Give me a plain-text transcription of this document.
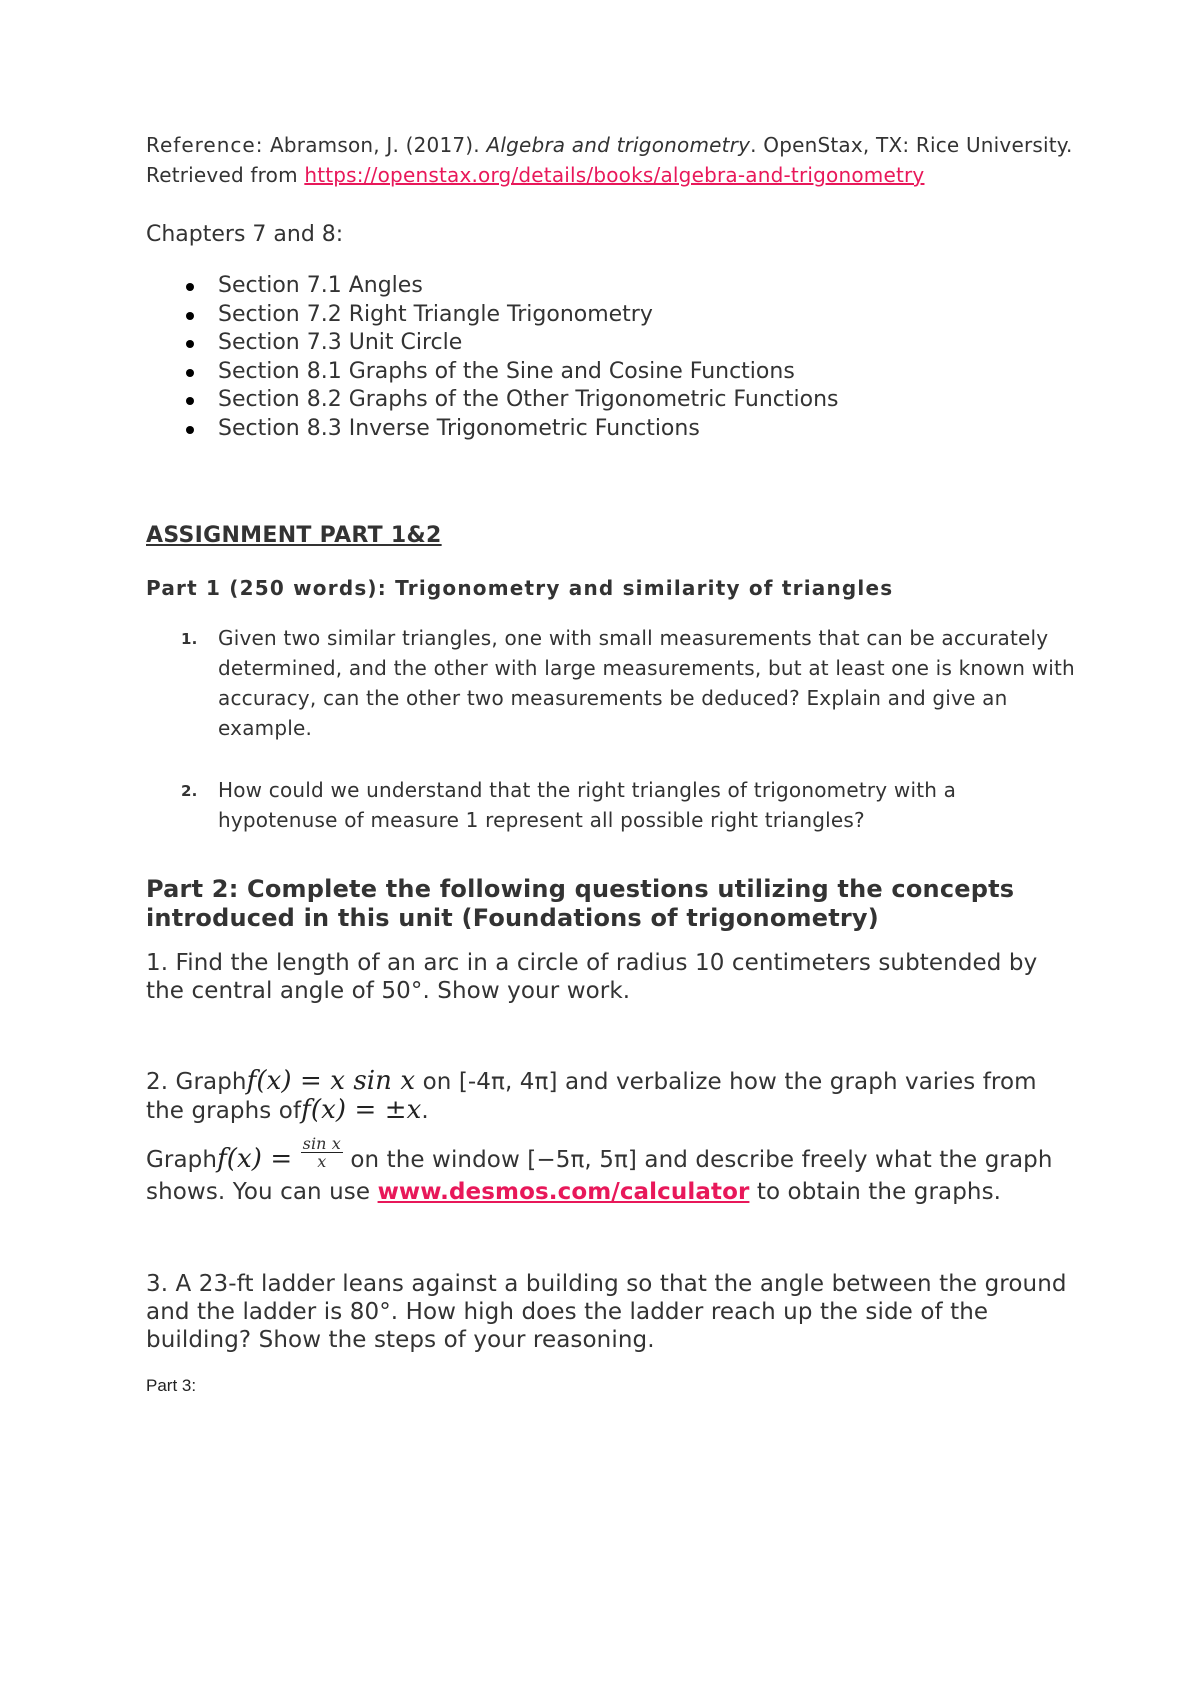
Reference: Abramson, J. (2017). Algebra and trigonometry. OpenStax, TX: Rice University. Retrieved from https://openstax.org/details/books/algebra-and-trigonometry

Chapters 7 and 8:

Section 7.1 Angles
Section 7.2 Right Triangle Trigonometry
Section 7.3 Unit Circle
Section 8.1 Graphs of the Sine and Cosine Functions
Section 8.2 Graphs of the Other Trigonometric Functions
Section 8.3 Inverse Trigonometric Functions

ASSIGNMENT PART 1&2

Part 1 (250 words): Trigonometry and similarity of triangles

1. Given two similar triangles, one with small measurements that can be accurately determined, and the other with large measurements, but at least one is known with accuracy, can the other two measurements be deduced? Explain and give an example.
2. How could we understand that the right triangles of trigonometry with a hypotenuse of measure 1 represent all possible right triangles?

Part 2: Complete the following questions utilizing the concepts introduced in this unit (Foundations of trigonometry)

1. Find the length of an arc in a circle of radius 10 centimeters subtended by the central angle of 50°. Show your work.

2. Graphf(x) = x sin x on [-4π, 4π] and verbalize how the graph varies from the graphs off(x) = ±x.

Graphf(x) = $\frac{\text{sin x}}{x}$ on the window [−5π, 5π] and describe freely what the graph shows. You can use www.desmos.com/calculator to obtain the graphs.

3. A 23-ft ladder leans against a building so that the angle between the ground and the ladder is 80°. How high does the ladder reach up the side of the building? Show the steps of your reasoning.

Part 3:
